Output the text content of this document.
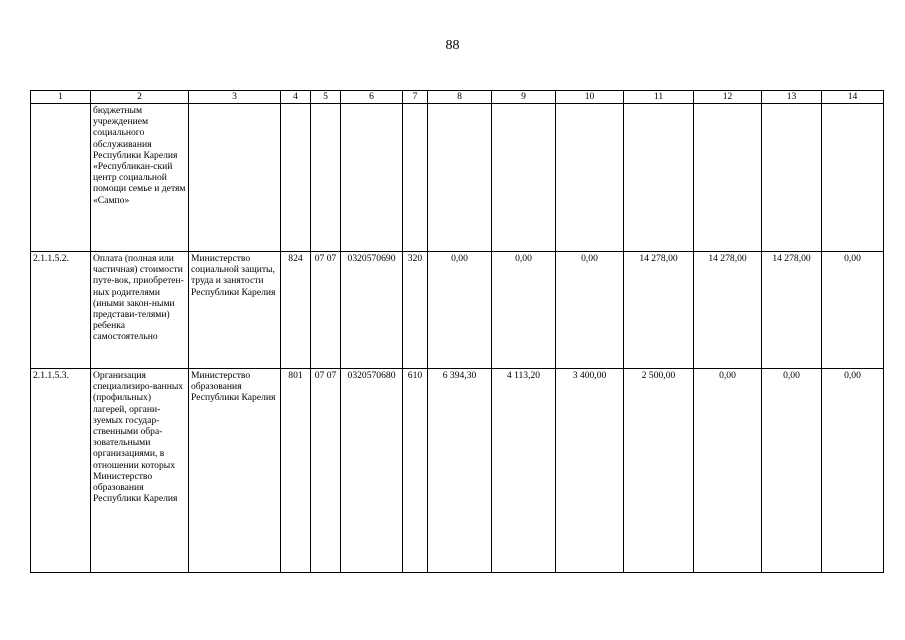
88
1	2	3	4	5	6	7	8	9	10	11	12	13	14
	бюджетным учреждением социального обслуживания Республики Карелия «Республикан-ский центр социальной помощи семье и детям «Сампо»												
2.1.1.5.2.	Оплата (полная или частичная) стоимости путе-вок, приобретен-ных родителями (иными закон-ными представи-телями) ребенка самостоятельно	Министерство социальной защиты, труда и занятости Республики Карелия	824	07 07	0320570690	320	0,00	0,00	0,00	14 278,00	14 278,00	14 278,00	0,00
2.1.1.5.3.	Организация специализиро-ванных (профильных) лагерей, органи-зуемых государ-ственными обра-зовательными организациями, в отношении которых Министерство образования Республики Карелия	Министерство образования Республики Карелия	801	07 07	0320570680	610	6 394,30	4 113,20	3 400,00	2 500,00	0,00	0,00	0,00
